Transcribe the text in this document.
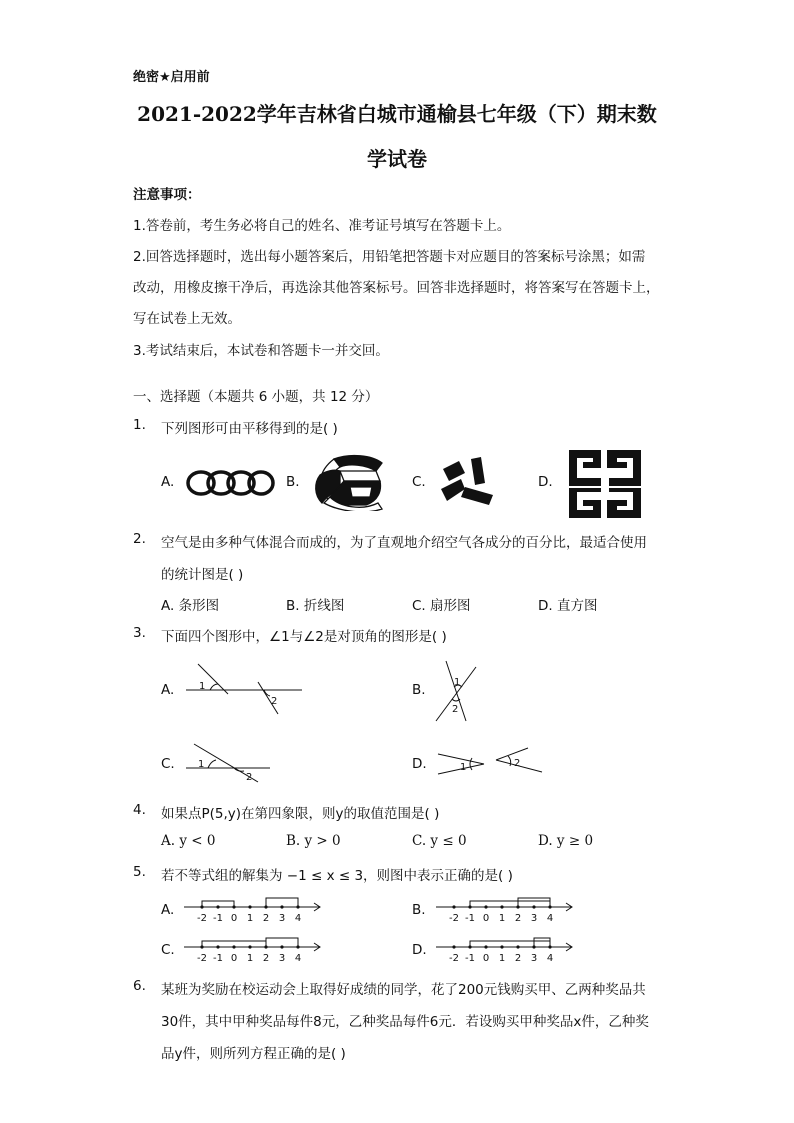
绝密★启用前
2021-2022学年吉林省白城市通榆县七年级（下）期末数
学试卷
注意事项：
1.答卷前，考生务必将自己的姓名、准考证号填写在答题卡上。
2.回答选择题时，选出每小题答案后，用铅笔把答题卡对应题目的答案标号涂黑；如需
改动，用橡皮擦干净后，再选涂其他答案标号。回答非选择题时，将答案写在答题卡上，
写在试卷上无效。
3.考试结束后，本试卷和答题卡一并交回。
一、选择题（本题共 6 小题，共 12 分）
1. 下列图形可由平移得到的是( )
A.	B.	C.	D.
2. 空气是由多种气体混合而成的，为了直观地介绍空气各成分的百分比，最适合使用
的统计图是( )
A. 条形图	B. 折线图	C. 扇形图	D. 直方图
3. 下面四个图形中，∠1与∠2是对顶角的图形是( )
A.	B.
C.	D.
1
2
1
2
1
2
1	2
4. 如果点P(5,y)在第四象限，则y的取值范围是( )
A. y < 0	B. y > 0	C. y ≤ 0	D. y ≥ 0
5. 若不等式组的解集为 −1 ≤ x ≤ 3，则图中表示正确的是( )
A.	B.
C.	D.
-2 -1 0 1 2 3 4	-2 -1 0 1 2 3 4
-2 -1 0 1 2 3 4	-2 -1 0 1 2 3 4
6. 某班为奖励在校运动会上取得好成绩的同学，花了200元钱购买甲、乙两种奖品共
30件，其中甲种奖品每件8元，乙种奖品每件6元．若设购买甲种奖品x件，乙种奖
品y件，则所列方程正确的是( )
